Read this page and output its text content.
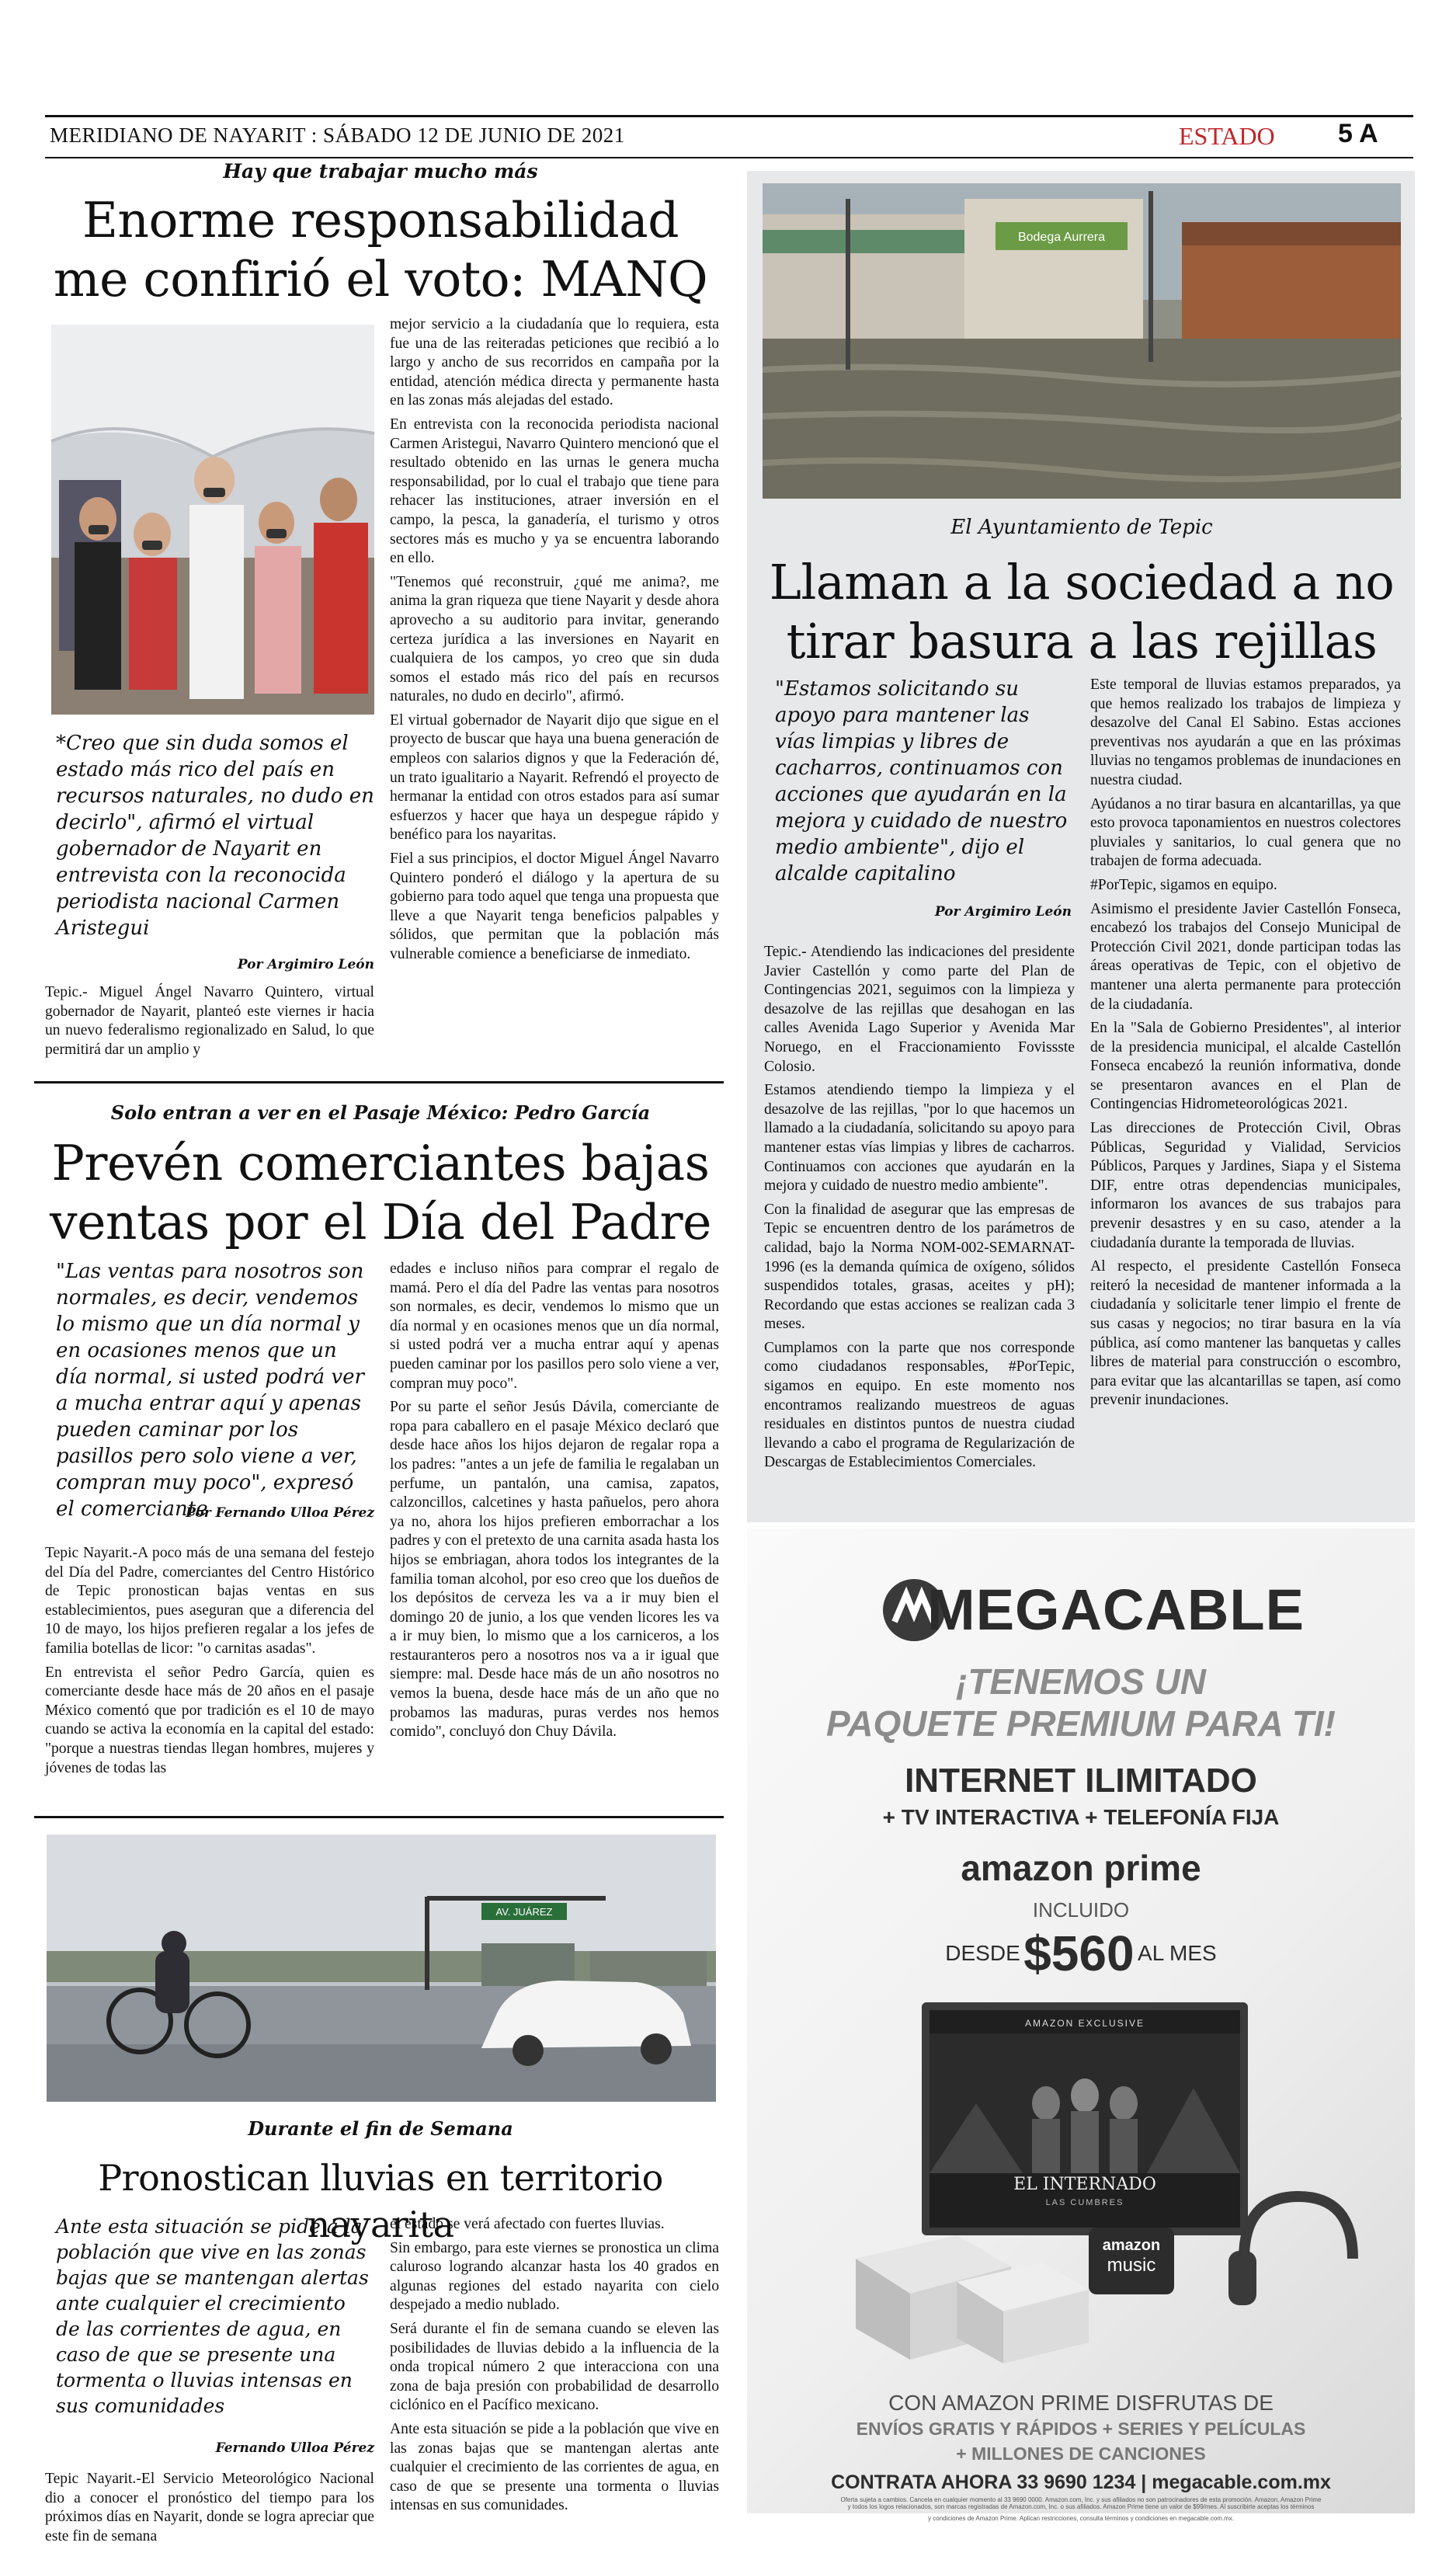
MERIDIANO DE NAYARIT : SÁBADO 12 DE JUNIO DE 2021	ESTADO 5 A
Hay que trabajar mucho más
Enorme responsabilidad
me confirió el voto: MANQ
*Creo que sin duda somos el estado más rico del país en recursos naturales, no dudo en decirlo", afirmó el virtual gobernador de Nayarit en entrevista con la reconocida periodista nacional Carmen Aristegui
Por Argimiro León

Tepic.- Miguel Ángel Navarro Quintero, virtual gobernador de Nayarit, planteó este viernes ir hacia un nuevo federalismo regionalizado en Salud, lo que permitirá dar un amplio y

mejor servicio a la ciudadanía que lo requiera, esta fue una de las reiteradas peticiones que recibió a lo largo y ancho de sus recorridos en campaña por la entidad, atención médica directa y permanente hasta en las zonas más alejadas del estado.

En entrevista con la reconocida periodista nacional Carmen Aristegui, Navarro Quintero mencionó que el resultado obtenido en las urnas le genera mucha responsabilidad, por lo cual el trabajo que tiene para rehacer las instituciones, atraer inversión en el campo, la pesca, la ganadería, el turismo y otros sectores más es mucho y ya se encuentra laborando en ello.

"Tenemos qué reconstruir, ¿qué me anima?, me anima la gran riqueza que tiene Nayarit y desde ahora aprovecho a su auditorio para invitar, generando certeza jurídica a las inversiones en Nayarit en cualquiera de los campos, yo creo que sin duda somos el estado más rico del país en recursos naturales, no dudo en decirlo", afirmó.

El virtual gobernador de Nayarit dijo que sigue en el proyecto de buscar que haya una buena generación de empleos con salarios dignos y que la Federación dé, un trato igualitario a Nayarit. Refrendó el proyecto de hermanar la entidad con otros estados para así sumar esfuerzos y hacer que haya un despegue rápido y benéfico para los nayaritas.

Fiel a sus principios, el doctor Miguel Ángel Navarro Quintero ponderó el diálogo y la apertura de su gobierno para todo aquel que tenga una propuesta que lleve a que Nayarit tenga beneficios palpables y sólidos, que permitan que la población más vulnerable comience a beneficiarse de inmediato.

Solo entran a ver en el Pasaje México: Pedro García
Prevén comerciantes bajas
ventas por el Día del Padre
"Las ventas para nosotros son normales, es decir, vendemos lo mismo que un día normal y en ocasiones menos que un día normal, si usted podrá ver a mucha entrar aquí y apenas pueden caminar por los pasillos pero solo viene a ver, compran muy poco", expresó el comerciante
Por Fernando Ulloa Pérez

Tepic Nayarit.-A poco más de una semana del festejo del Día del Padre, comerciantes del Centro Histórico de Tepic pronostican bajas ventas en sus establecimientos, pues aseguran que a diferencia del 10 de mayo, los hijos prefieren regalar a los jefes de familia botellas de licor: "o carnitas asadas".

En entrevista el señor Pedro García, quien es comerciante desde hace más de 20 años en el pasaje México comentó que por tradición es el 10 de mayo cuando se activa la economía en la capital del estado: "porque a nuestras tiendas llegan hombres, mujeres y jóvenes de todas las

edades e incluso niños para comprar el regalo de mamá. Pero el día del Padre las ventas para nosotros son normales, es decir, vendemos lo mismo que un día normal y en ocasiones menos que un día normal, si usted podrá ver a mucha entrar aquí y apenas pueden caminar por los pasillos pero solo viene a ver, compran muy poco".

Por su parte el señor Jesús Dávila, comerciante de ropa para caballero en el pasaje México declaró que desde hace años los hijos dejaron de regalar ropa a los padres: "antes a un jefe de familia le regalaban un perfume, un pantalón, una camisa, zapatos, calzoncillos, calcetines y hasta pañuelos, pero ahora ya no, ahora los hijos prefieren emborrachar a los padres y con el pretexto de una carnita asada hasta los hijos se embriagan, ahora todos los integrantes de la familia toman alcohol, por eso creo que los dueños de los depósitos de cerveza les va a ir muy bien el domingo 20 de junio, a los que venden licores les va a ir muy bien, lo mismo que a los carniceros, a los restauranteros pero a nosotros nos va a ir igual que siempre: mal. Desde hace más de un año nosotros no vemos la buena, desde hace más de un año que no probamos las maduras, puras verdes nos hemos comido", concluyó don Chuy Dávila.

AV. JUÁREZ
Durante el fin de Semana
Pronostican lluvias en territorio nayarita
Ante esta situación se pide a la población que vive en las zonas bajas que se mantengan alertas ante cualquier el crecimiento de las corrientes de agua, en caso de que se presente una tormenta o lluvias intensas en sus comunidades
Fernando Ulloa Pérez

Tepic Nayarit.-El Servicio Meteorológico Nacional dio a conocer el pronóstico del tiempo para los próximos días en Nayarit, donde se logra apreciar que este fin de semana

el estado se verá afectado con fuertes lluvias.

Sin embargo, para este viernes se pronostica un clima caluroso logrando alcanzar hasta los 40 grados en algunas regiones del estado nayarita con cielo despejado a medio nublado.

Será durante el fin de semana cuando se eleven las posibilidades de lluvias debido a la influencia de la onda tropical número 2 que interacciona con una zona de baja presión con probabilidad de desarrollo ciclónico en el Pacífico mexicano.

Ante esta situación se pide a la población que vive en las zonas bajas que se mantengan alertas ante cualquier el crecimiento de las corrientes de agua, en caso de que se presente una tormenta o lluvias intensas en sus comunidades.

Bodega Aurrera
El Ayuntamiento de Tepic
Llaman a la sociedad a no
tirar basura a las rejillas
"Estamos solicitando su apoyo para mantener las vías limpias y libres de cacharros, continuamos con acciones que ayudarán en la mejora y cuidado de nuestro medio ambiente", dijo el alcalde capitalino
Por Argimiro León

Tepic.- Atendiendo las indicaciones del presidente Javier Castellón y como parte del Plan de Contingencias 2021, seguimos con la limpieza y desazolve de las rejillas que desahogan en las calles Avenida Lago Superior y Avenida Mar Noruego, en el Fraccionamiento Fovissste Colosio.

Estamos atendiendo tiempo la limpieza y el desazolve de las rejillas, "por lo que hacemos un llamado a la ciudadanía, solicitando su apoyo para mantener estas vías limpias y libres de cacharros. Continuamos con acciones que ayudarán en la mejora y cuidado de nuestro medio ambiente".

Con la finalidad de asegurar que las empresas de Tepic se encuentren dentro de los parámetros de calidad, bajo la Norma NOM-002-SEMARNAT-1996 (es la demanda química de oxígeno, sólidos suspendidos totales, grasas, aceites y pH); Recordando que estas acciones se realizan cada 3 meses.

Cumplamos con la parte que nos corresponde como ciudadanos responsables, #PorTepic, sigamos en equipo. En este momento nos encontramos realizando muestreos de aguas residuales en distintos puntos de nuestra ciudad llevando a cabo el programa de Regularización de Descargas de Establecimientos Comerciales.

Este temporal de lluvias estamos preparados, ya que hemos realizado los trabajos de limpieza y desazolve del Canal El Sabino. Estas acciones preventivas nos ayudarán a que en las próximas lluvias no tengamos problemas de inundaciones en nuestra ciudad.

Ayúdanos a no tirar basura en alcantarillas, ya que esto provoca taponamientos en nuestros colectores pluviales y sanitarios, lo cual genera que no trabajen de forma adecuada.

#PorTepic, sigamos en equipo.

Asimismo el presidente Javier Castellón Fonseca, encabezó los trabajos del Consejo Municipal de Protección Civil 2021, donde participan todas las áreas operativas de Tepic, con el objetivo de mantener una alerta permanente para protección de la ciudadanía.

En la "Sala de Gobierno Presidentes", al interior de la presidencia municipal, el alcalde Castellón Fonseca encabezó la reunión informativa, donde se presentaron avances en el Plan de Contingencias Hidrometeorológicas 2021.

Las direcciones de Protección Civil, Obras Públicas, Seguridad y Vialidad, Servicios Públicos, Parques y Jardines, Siapa y el Sistema DIF, entre otras dependencias municipales, informaron los avances de sus trabajos para prevenir desastres y en su caso, atender a la ciudadanía durante la temporada de lluvias.

Al respecto, el presidente Castellón Fonseca reiteró la necesidad de mantener informada a la ciudadanía y solicitarle tener limpio el frente de sus casas y negocios; no tirar basura en la vía pública, así como mantener las banquetas y calles libres de material para construcción o escombro, para evitar que las alcantarillas se tapen, así como prevenir inundaciones.

MEGACABLE
¡TENEMOS UN
PAQUETE PREMIUM PARA TI!
INTERNET ILIMITADO
+ TV INTERACTIVA + TELEFONÍA FIJA
amazon prime
INCLUIDO
DESDE $560 AL MES
AMAZON EXCLUSIVE
EL INTERNADO
LAS CUMBRES
amazon
music
CON AMAZON PRIME DISFRUTAS DE
ENVÍOS GRATIS Y RÁPIDOS + SERIES Y PELÍCULAS
+ MILLONES DE CANCIONES
CONTRATA AHORA 33 9690 1234 | megacable.com.mx
Oferta sujeta a cambios. Cancela en cualquier momento al 33 9690 0000. Amazon.com, Inc. y sus afiliados no son patrocinadores de esta promoción. Amazon, Amazon Prime
y todos los logos relacionados, son marcas registradas de Amazon.com, Inc. o sus afiliados. Amazon Prime tiene un valor de $99/mes. Al suscribirte aceptas los términos
y condiciones de Amazon Prime. Aplican restricciones, consulta términos y condiciones en megacable.com.mx.
